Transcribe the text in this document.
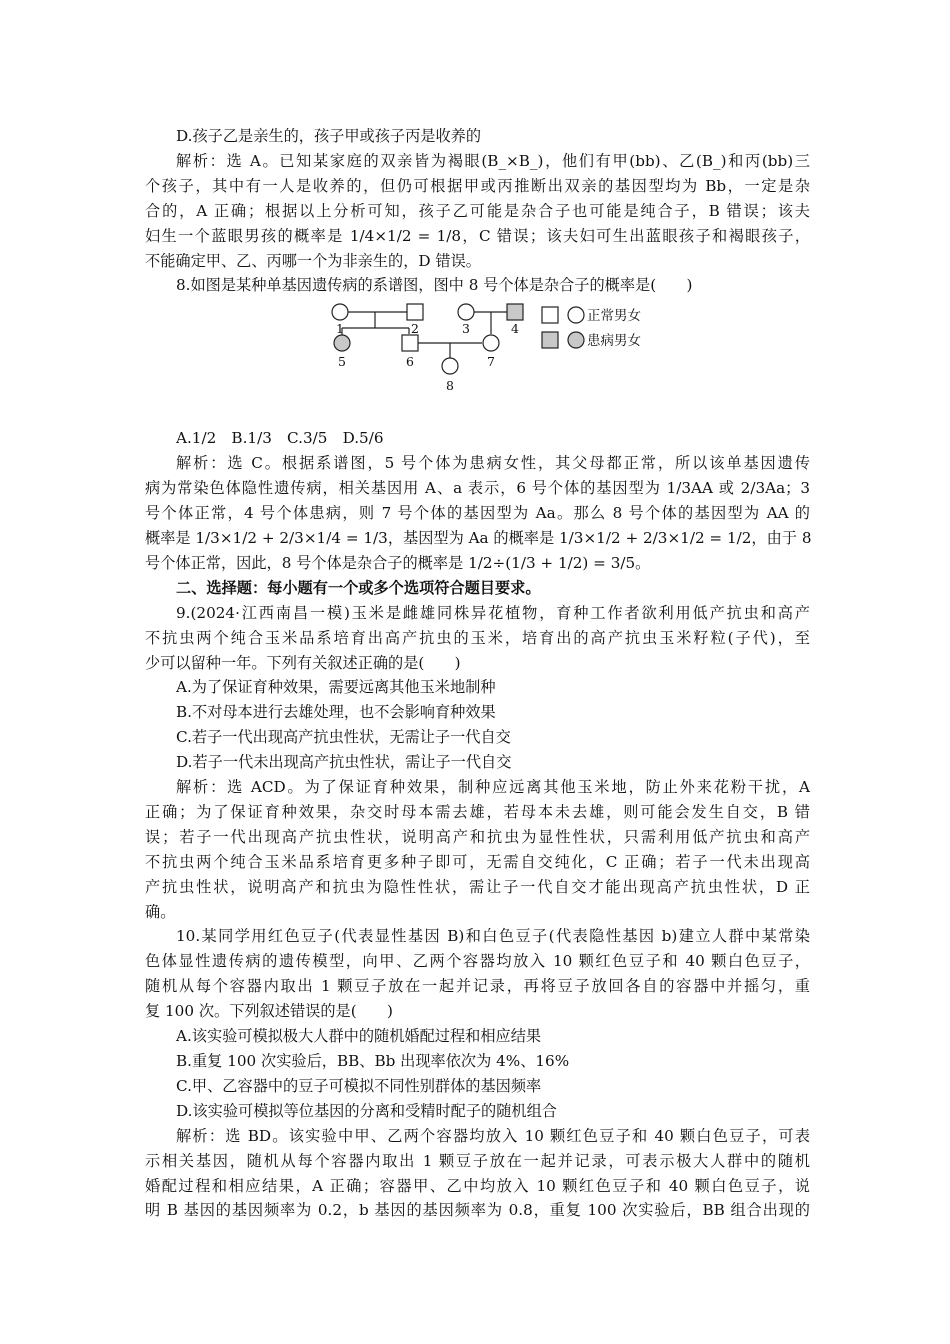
D.孩子乙是亲生的，孩子甲或孩子丙是收养的
解析：选 A。已知某家庭的双亲皆为褐眼(B_×B_)，他们有甲(bb)、乙(B_)和丙(bb)三
个孩子，其中有一人是收养的，但仍可根据甲或丙推断出双亲的基因型均为 Bb，一定是杂
合的，A 正确；根据以上分析可知，孩子乙可能是杂合子也可能是纯合子，B 错误；该夫
妇生一个蓝眼男孩的概率是 1/4×1/2 = 1/8，C 错误；该夫妇可生出蓝眼孩子和褐眼孩子，
不能确定甲、乙、丙哪一个为非亲生的，D 错误。
8.如图是某种单基因遗传病的系谱图，图中 8 号个体是杂合子的概率是(　　)
1	2	3	4
5	6	7
8
正常男女
患病男女
A.1/2　B.1/3　C.3/5　D.5/6
解析：选 C。根据系谱图，5 号个体为患病女性，其父母都正常，所以该单基因遗传
病为常染色体隐性遗传病，相关基因用 A、a 表示，6 号个体的基因型为 1/3AA 或 2/3Aa；3
号个体正常，4 号个体患病，则 7 号个体的基因型为 Aa。那么 8 号个体的基因型为 AA 的
概率是 1/3×1/2 + 2/3×1/4 = 1/3，基因型为 Aa 的概率是 1/3×1/2 + 2/3×1/2 = 1/2，由于 8
号个体正常，因此，8 号个体是杂合子的概率是 1/2÷(1/3 + 1/2) = 3/5。
二、选择题：每小题有一个或多个选项符合题目要求。
9.(2024·江西南昌一模)玉米是雌雄同株异花植物，育种工作者欲利用低产抗虫和高产
不抗虫两个纯合玉米品系培育出高产抗虫的玉米，培育出的高产抗虫玉米籽粒(子代)，至
少可以留种一年。下列有关叙述正确的是(　　)
A.为了保证育种效果，需要远离其他玉米地制种
B.不对母本进行去雄处理，也不会影响育种效果
C.若子一代出现高产抗虫性状，无需让子一代自交
D.若子一代未出现高产抗虫性状，需让子一代自交
解析：选 ACD。为了保证育种效果，制种应远离其他玉米地，防止外来花粉干扰，A
正确；为了保证育种效果，杂交时母本需去雄，若母本未去雄，则可能会发生自交，B 错
误；若子一代出现高产抗虫性状，说明高产和抗虫为显性性状，只需利用低产抗虫和高产
不抗虫两个纯合玉米品系培育更多种子即可，无需自交纯化，C 正确；若子一代未出现高
产抗虫性状，说明高产和抗虫为隐性性状，需让子一代自交才能出现高产抗虫性状，D 正
确。
10.某同学用红色豆子(代表显性基因 B)和白色豆子(代表隐性基因 b)建立人群中某常染
色体显性遗传病的遗传模型，向甲、乙两个容器均放入 10 颗红色豆子和 40 颗白色豆子，
随机从每个容器内取出 1 颗豆子放在一起并记录，再将豆子放回各自的容器中并摇匀，重
复 100 次。下列叙述错误的是(　　)
A.该实验可模拟极大人群中的随机婚配过程和相应结果
B.重复 100 次实验后，BB、Bb 出现率依次为 4%、16%
C.甲、乙容器中的豆子可模拟不同性别群体的基因频率
D.该实验可模拟等位基因的分离和受精时配子的随机组合
解析：选 BD。该实验中甲、乙两个容器均放入 10 颗红色豆子和 40 颗白色豆子，可表
示相关基因，随机从每个容器内取出 1 颗豆子放在一起并记录，可表示极大人群中的随机
婚配过程和相应结果，A 正确；容器甲、乙中均放入 10 颗红色豆子和 40 颗白色豆子，说
明 B 基因的基因频率为 0.2，b 基因的基因频率为 0.8，重复 100 次实验后，BB 组合出现的
